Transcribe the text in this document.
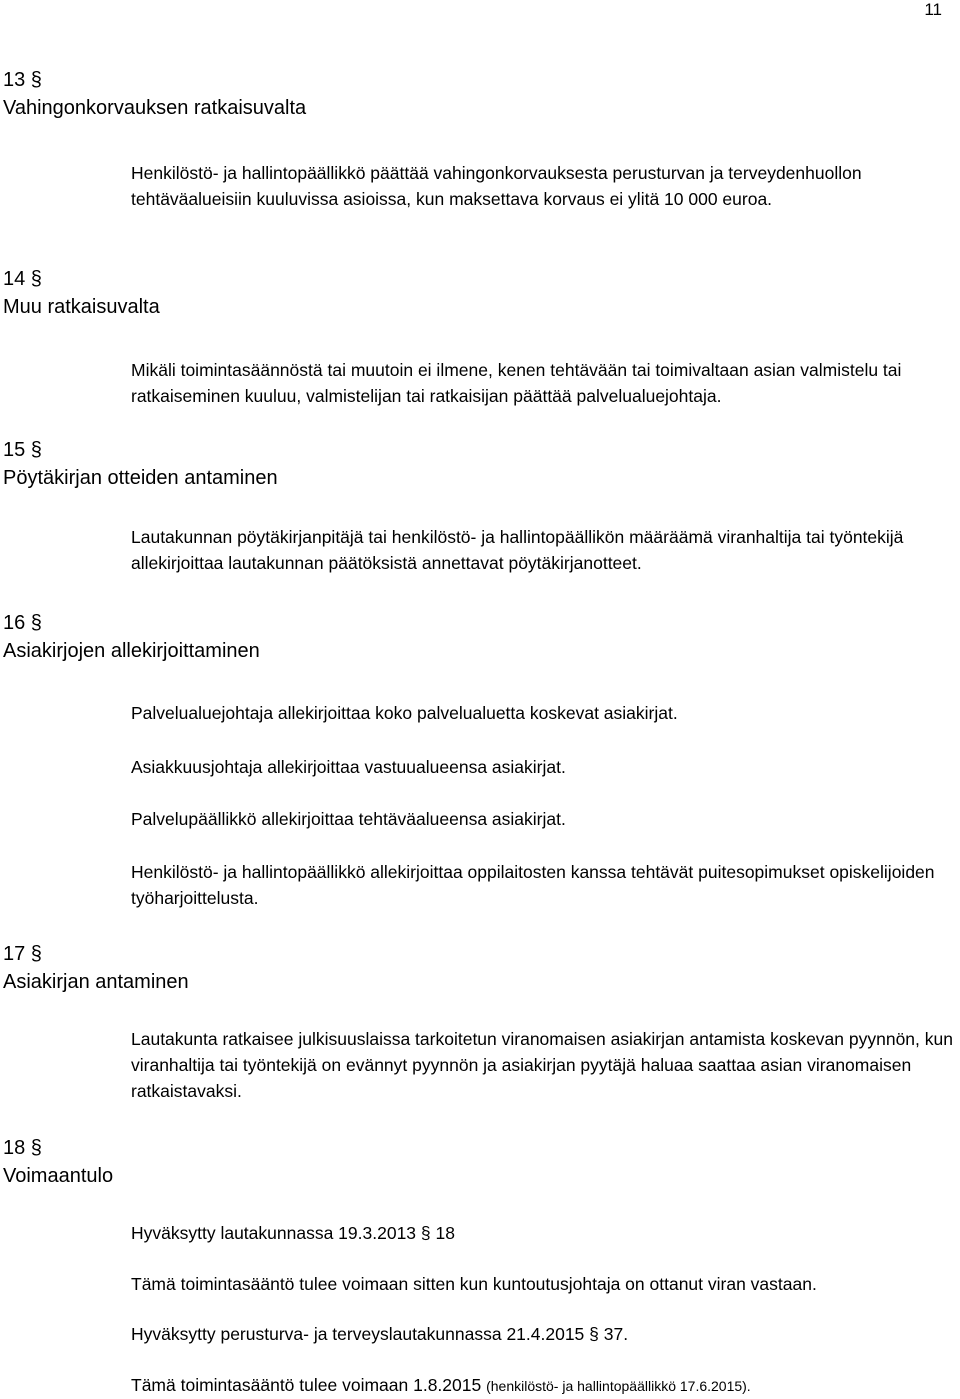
11
13 §
Vahingonkorvauksen ratkaisuvalta
Henkilöstö- ja hallintopäällikkö päättää vahingonkorvauksesta perusturvan ja terveydenhuollon tehtäväalueisiin kuuluvissa asioissa, kun maksettava korvaus ei ylitä 10 000 euroa.
14 §
Muu ratkaisuvalta
Mikäli toimintasäännöstä tai muutoin ei ilmene, kenen tehtävään tai toimivaltaan asian valmistelu tai ratkaiseminen kuuluu, valmistelijan tai ratkaisijan päättää palvelualuejohtaja.
15 §
Pöytäkirjan otteiden antaminen
Lautakunnan pöytäkirjanpitäjä tai henkilöstö- ja hallintopäällikön määräämä viranhaltija tai työntekijä allekirjoittaa lautakunnan päätöksistä annettavat pöytäkirjanotteet.
16 §
Asiakirjojen allekirjoittaminen
Palvelualuejohtaja allekirjoittaa koko palvelualuetta koskevat asiakirjat.
Asiakkuusjohtaja allekirjoittaa vastuualueensa asiakirjat.
Palvelupäällikkö allekirjoittaa tehtäväalueensa asiakirjat.
Henkilöstö- ja hallintopäällikkö allekirjoittaa oppilaitosten kanssa tehtävät puitesopimukset opiskelijoiden työharjoittelusta.
17 §
Asiakirjan antaminen
Lautakunta ratkaisee julkisuuslaissa tarkoitetun viranomaisen asiakirjan antamista koskevan pyynnön, kun viranhaltija tai työntekijä on evännyt pyynnön ja asiakirjan pyytäjä haluaa saattaa asian viranomaisen ratkaistavaksi.
18 §
Voimaantulo
Hyväksytty lautakunnassa 19.3.2013 § 18
Tämä toimintasääntö tulee voimaan sitten kun kuntoutusjohtaja on ottanut viran vastaan.
Hyväksytty perusturva- ja terveyslautakunnassa 21.4.2015 § 37.
Tämä toimintasääntö tulee voimaan 1.8.2015 (henkilöstö- ja hallintopäällikkö 17.6.2015).
